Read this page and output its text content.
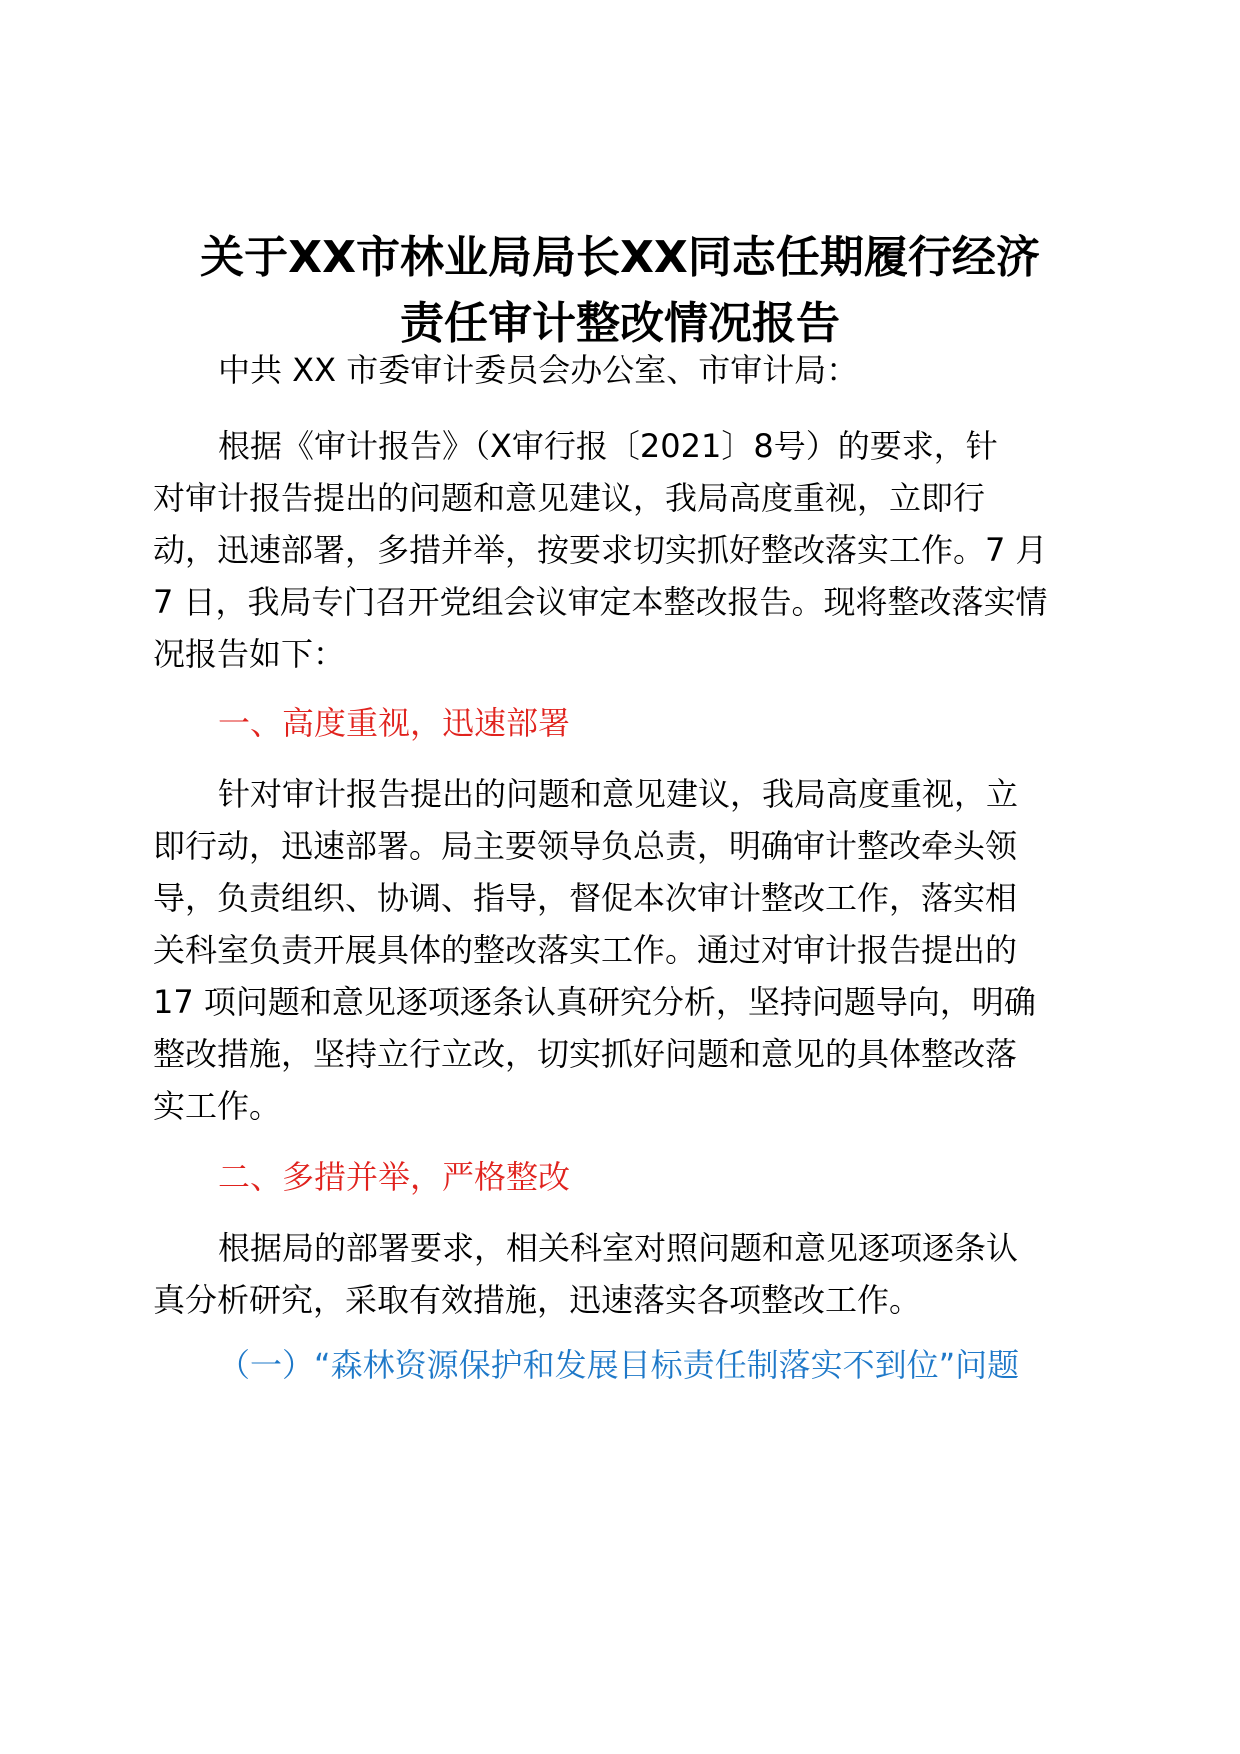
关于XX市林业局局长XX同志任期履行经济
责任审计整改情况报告

中共 XX 市委审计委员会办公室、市审计局：

根据《审计报告》（X审行报〔2021〕8号）的要求，针

对审计报告提出的问题和意见建议，我局高度重视，立即行

动，迅速部署，多措并举，按要求切实抓好整改落实工作。7 月

7 日，我局专门召开党组会议审定本整改报告。现将整改落实情

况报告如下：

一、高度重视，迅速部署

针对审计报告提出的问题和意见建议，我局高度重视，立

即行动，迅速部署。局主要领导负总责，明确审计整改牵头领

导，负责组织、协调、指导，督促本次审计整改工作，落实相

关科室负责开展具体的整改落实工作。通过对审计报告提出的

17 项问题和意见逐项逐条认真研究分析，坚持问题导向，明确

整改措施，坚持立行立改，切实抓好问题和意见的具体整改落

实工作。

二、多措并举，严格整改

根据局的部署要求，相关科室对照问题和意见逐项逐条认

真分析研究，采取有效措施，迅速落实各项整改工作。

（一）“森林资源保护和发展目标责任制落实不到位”问题
